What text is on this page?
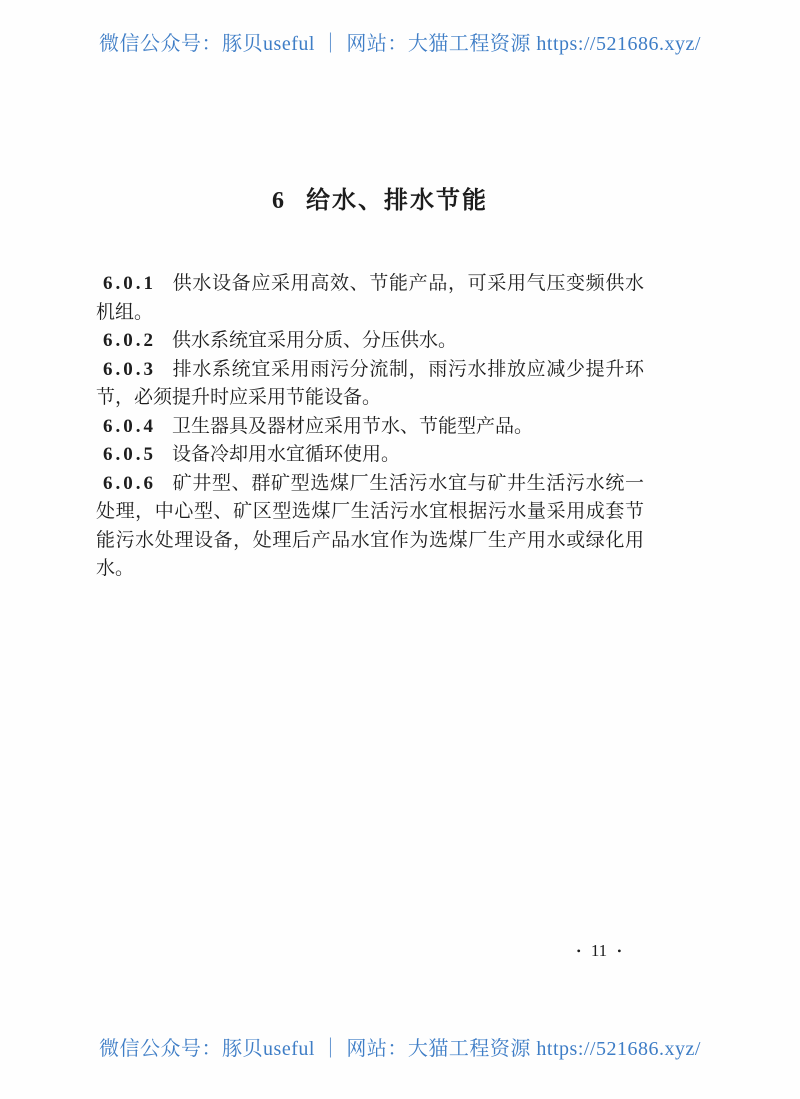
微信公众号：豚贝useful ｜ 网站：大猫工程资源 https://521686.xyz/
6 给水、排水节能

6.0.1 供水设备应采用高效、节能产品，可采用气压变频供水机组。

6.0.2 供水系统宜采用分质、分压供水。

6.0.3 排水系统宜采用雨污分流制，雨污水排放应减少提升环节，必须提升时应采用节能设备。

6.0.4 卫生器具及器材应采用节水、节能型产品。

6.0.5 设备冷却用水宜循环使用。

6.0.6 矿井型、群矿型选煤厂生活污水宜与矿井生活污水统一处理，中心型、矿区型选煤厂生活污水宜根据污水量采用成套节能污水处理设备，处理后产品水宜作为选煤厂生产用水或绿化用水。

• 11 •
微信公众号：豚贝useful ｜ 网站：大猫工程资源 https://521686.xyz/
